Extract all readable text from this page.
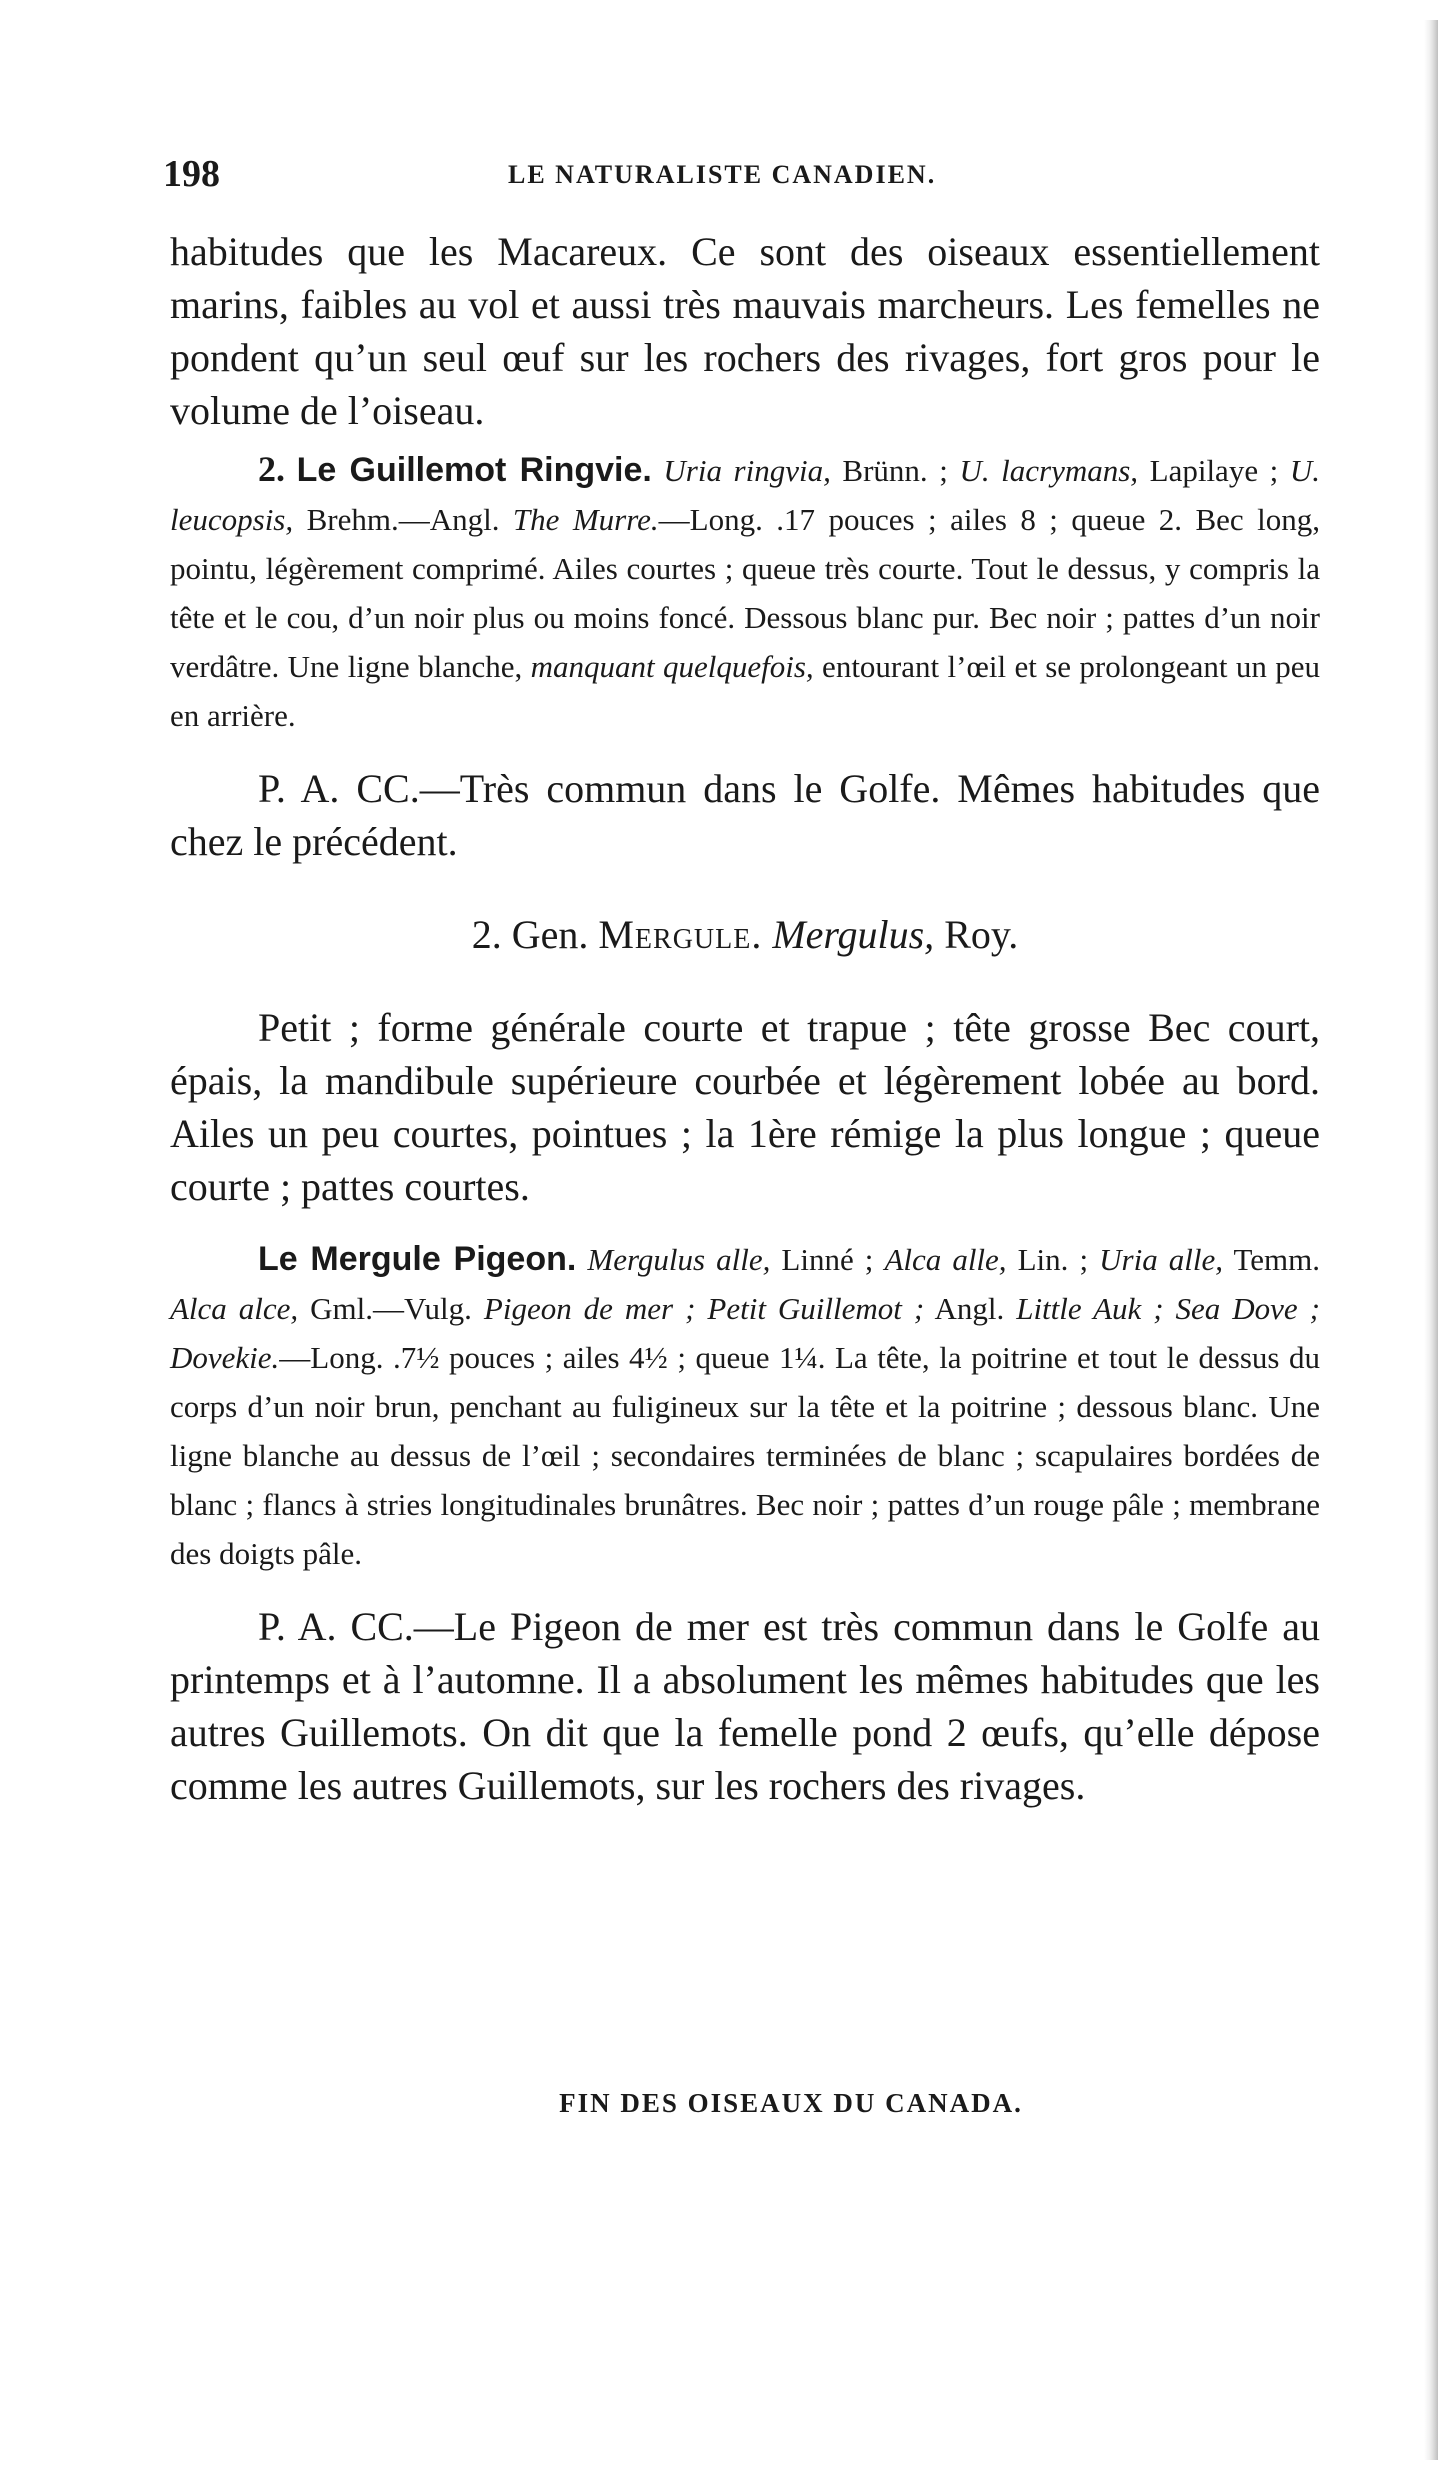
198	LE NATURALISTE CANADIEN.

habitudes que les Macareux. Ce sont des oiseaux essentiellement marins, faibles au vol et aussi très mauvais marcheurs. Les femelles ne pondent qu’un seul œuf sur les rochers des rivages, fort gros pour le volume de l’oiseau.

2. Le Guillemot Ringvie. Uria ringvia, Brünn. ; U. lacrymans, Lapilaye ; U. leucopsis, Brehm.—Angl. The Murre.—Long. .17 pouces ; ailes 8 ; queue 2. Bec long, pointu, légèrement comprimé. Ailes courtes ; queue très courte. Tout le dessus, y compris la tête et le cou, d’un noir plus ou moins foncé. Dessous blanc pur. Bec noir ; pattes d’un noir verdâtre. Une ligne blanche, manquant quelquefois, entourant l’œil et se prolongeant un peu en arrière.

P. A. CC.—Très commun dans le Golfe. Mêmes habitudes que chez le précédent.

2. Gen. Mergule. Mergulus, Roy.

Petit ; forme générale courte et trapue ; tête grosse Bec court, épais, la mandibule supérieure courbée et légèrement lobée au bord. Ailes un peu courtes, pointues ; la 1ère rémige la plus longue ; queue courte ; pattes courtes.

Le Mergule Pigeon. Mergulus alle, Linné ; Alca alle, Lin. ; Uria alle, Temm. Alca alce, Gml.—Vulg. Pigeon de mer ; Petit Guillemot ; Angl. Little Auk ; Sea Dove ; Dovekie.—Long. .7½ pouces ; ailes 4½ ; queue 1¼. La tête, la poitrine et tout le dessus du corps d’un noir brun, penchant au fuligineux sur la tête et la poitrine ; dessous blanc. Une ligne blanche au dessus de l’œil ; secondaires terminées de blanc ; scapulaires bordées de blanc ; flancs à stries longitudinales brunâtres. Bec noir ; pattes d’un rouge pâle ; membrane des doigts pâle.

P. A. CC.—Le Pigeon de mer est très commun dans le Golfe au printemps et à l’automne. Il a absolument les mêmes habitudes que les autres Guillemots. On dit que la femelle pond 2 œufs, qu’elle dépose comme les autres Guillemots, sur les rochers des rivages.

FIN DES OISEAUX DU CANADA.
